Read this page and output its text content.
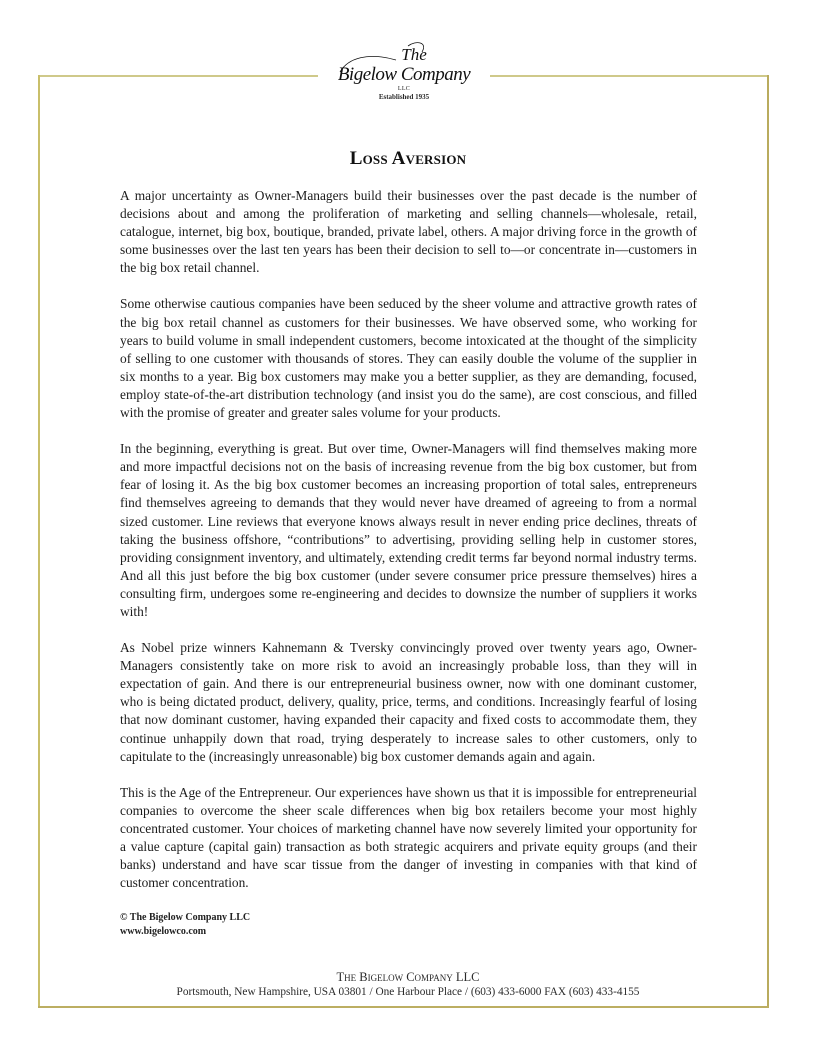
The
Bigelow Company
LLC
Established 1935
Loss Aversion

A major uncertainty as Owner-Managers build their businesses over the past decade is the number of decisions about and among the proliferation of marketing and selling channels—wholesale, retail, catalogue, internet, big box, boutique, branded, private label, others. A major driving force in the growth of some businesses over the last ten years has been their decision to sell to—or concentrate in—customers in the big box retail channel.

Some otherwise cautious companies have been seduced by the sheer volume and attractive growth rates of the big box retail channel as customers for their businesses. We have observed some, who working for years to build volume in small independent customers, become intoxicated at the thought of the simplicity of selling to one customer with thousands of stores. They can easily double the volume of the supplier in six months to a year. Big box customers may make you a better supplier, as they are demanding, focused, employ state-of-the-art distribution technology (and insist you do the same), are cost conscious, and filled with the promise of greater and greater sales volume for your products.

In the beginning, everything is great. But over time, Owner-Managers will find themselves making more and more impactful decisions not on the basis of increasing revenue from the big box customer, but from fear of losing it. As the big box customer becomes an increasing proportion of total sales, entrepreneurs find themselves agreeing to demands that they would never have dreamed of agreeing to from a normal sized customer. Line reviews that everyone knows always result in never ending price declines, threats of taking the business offshore, “contributions” to advertising, providing selling help in customer stores, providing consignment inventory, and ultimately, extending credit terms far beyond normal industry terms. And all this just before the big box customer (under severe consumer price pressure themselves) hires a consulting firm, undergoes some re-engineering and decides to downsize the number of suppliers it works with!

As Nobel prize winners Kahnemann & Tversky convincingly proved over twenty years ago, Owner-Managers consistently take on more risk to avoid an increasingly probable loss, than they will in expectation of gain. And there is our entrepreneurial business owner, now with one dominant customer, who is being dictated product, delivery, quality, price, terms, and conditions. Increasingly fearful of losing that now dominant customer, having expanded their capacity and fixed costs to accommodate them, they continue unhappily down that road, trying desperately to increase sales to other customers, only to capitulate to the (increasingly unreasonable) big box customer demands again and again.

This is the Age of the Entrepreneur. Our experiences have shown us that it is impossible for entrepreneurial companies to overcome the sheer scale differences when big box retailers become your most highly concentrated customer. Your choices of marketing channel have now severely limited your opportunity for a value capture (capital gain) transaction as both strategic acquirers and private equity groups (and their banks) understand and have scar tissue from the danger of investing in companies with that kind of customer concentration.

© The Bigelow Company LLC
www.bigelowco.com
The Bigelow Company LLC
Portsmouth, New Hampshire, USA 03801 / One Harbour Place / (603) 433-6000 FAX (603) 433-4155
